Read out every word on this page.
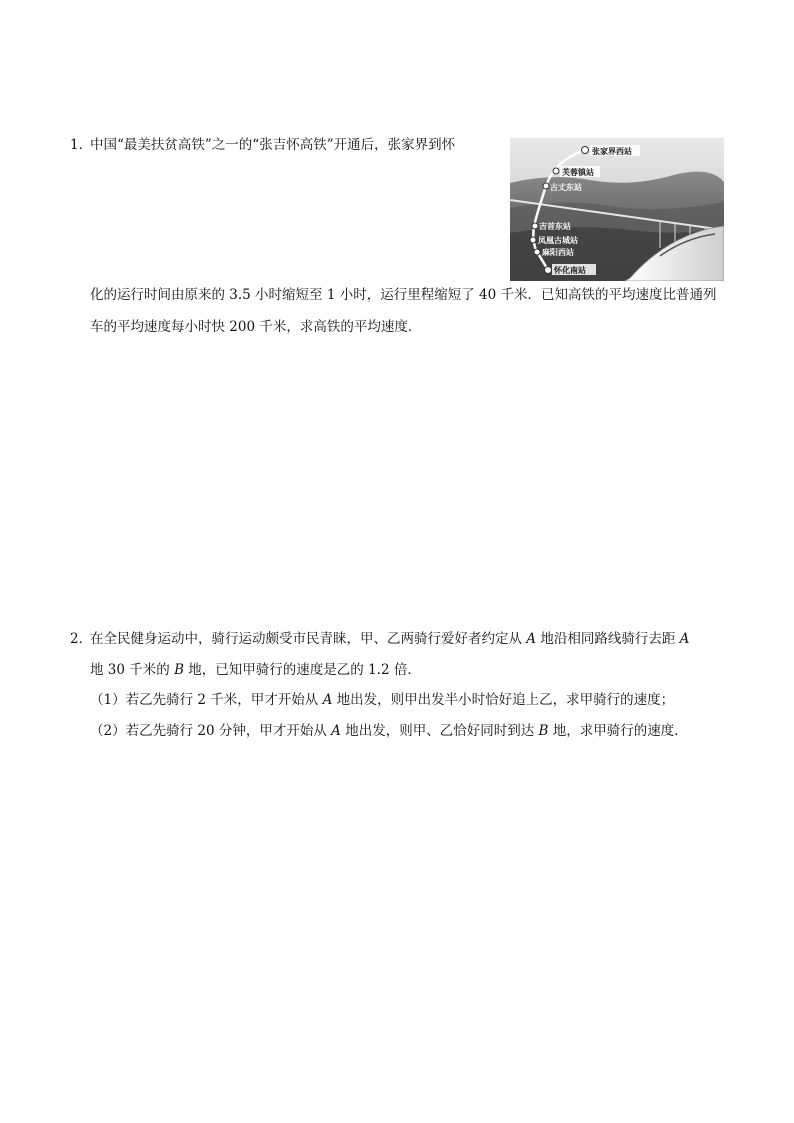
1．
中国“最美扶贫高铁”之一的“张吉怀高铁”开通后，张家界到怀	张家界西站
芙蓉镇站
古丈东站
吉首东站
凤凰古城站
麻阳西站
怀化南站
化的运行时间由原来的 3.5 小时缩短至 1 小时，运行里程缩短了 40 千米．已知高铁的平均速度比普通列
车的平均速度每小时快 200 千米，求高铁的平均速度．
2．
在全民健身运动中，骑行运动颇受市民青睐，甲、乙两骑行爱好者约定从 A 地沿相同路线骑行去距 A
地 30 千米的 B 地，已知甲骑行的速度是乙的 1.2 倍．
（1）若乙先骑行 2 千米，甲才开始从 A 地出发，则甲出发半小时恰好追上乙，求甲骑行的速度；
（2）若乙先骑行 20 分钟，甲才开始从 A 地出发，则甲、乙恰好同时到达 B 地，求甲骑行的速度．
